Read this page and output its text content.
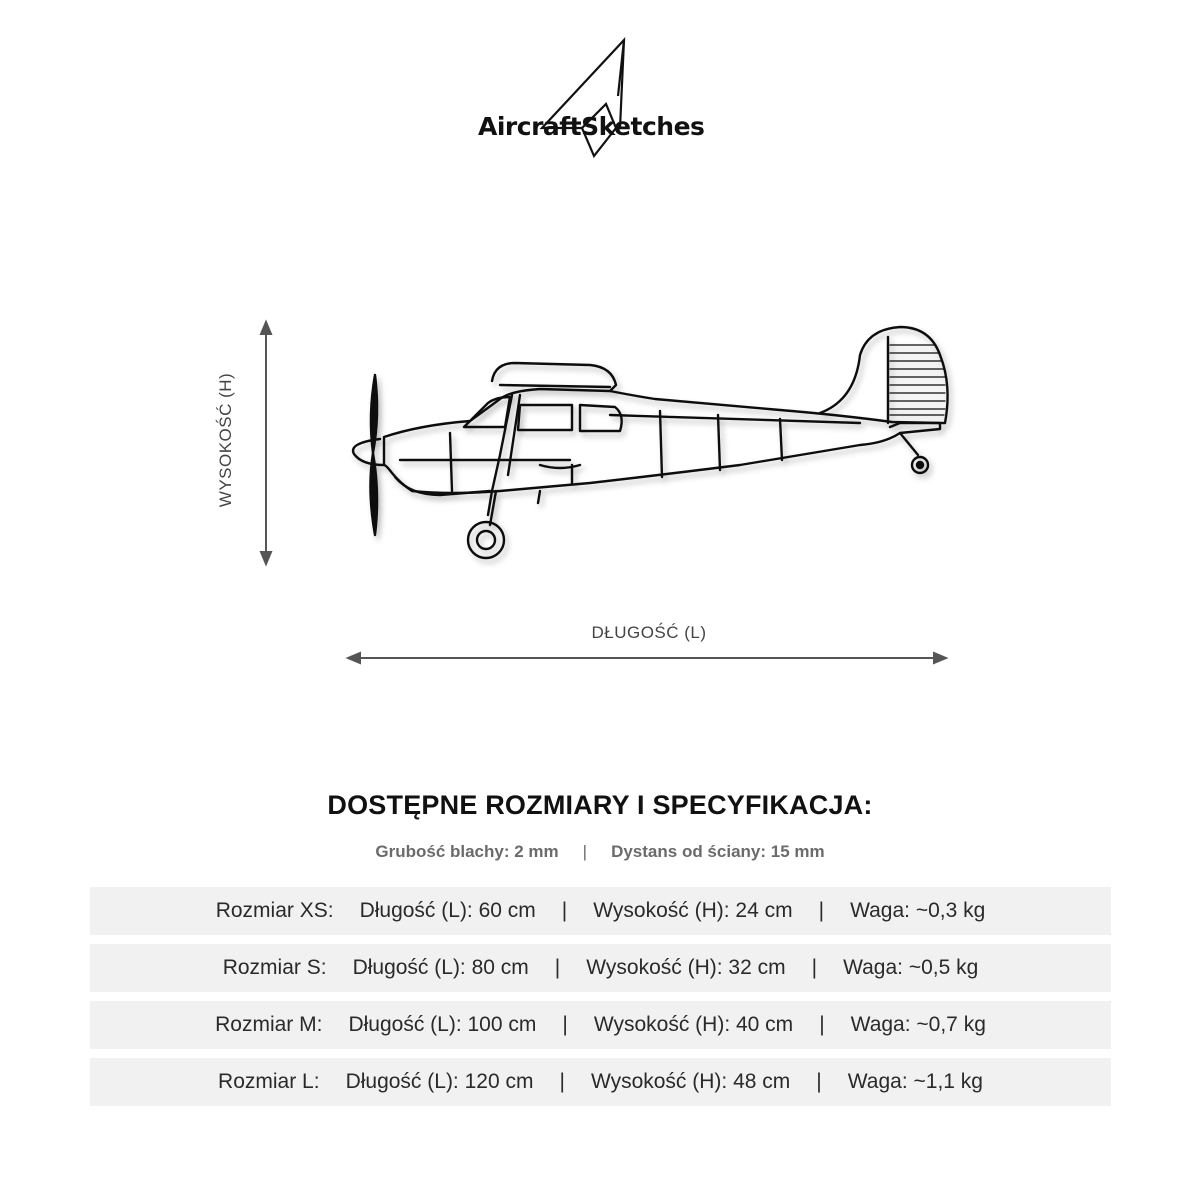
AircraftSketches
WYSOKOŚĆ (H)
DŁUGOŚĆ (L)
DOSTĘPNE ROZMIARY I SPECYFIKACJA:
Grubość blachy: 2 mm | Dystans od ściany: 15 mm
Rozmiar XS: Długość (L): 60 cm | Wysokość (H): 24 cm | Waga: ~0,3 kg
Rozmiar S: Długość (L): 80 cm | Wysokość (H): 32 cm | Waga: ~0,5 kg
Rozmiar M: Długość (L): 100 cm | Wysokość (H): 40 cm | Waga: ~0,7 kg
Rozmiar L: Długość (L): 120 cm | Wysokość (H): 48 cm | Waga: ~1,1 kg
